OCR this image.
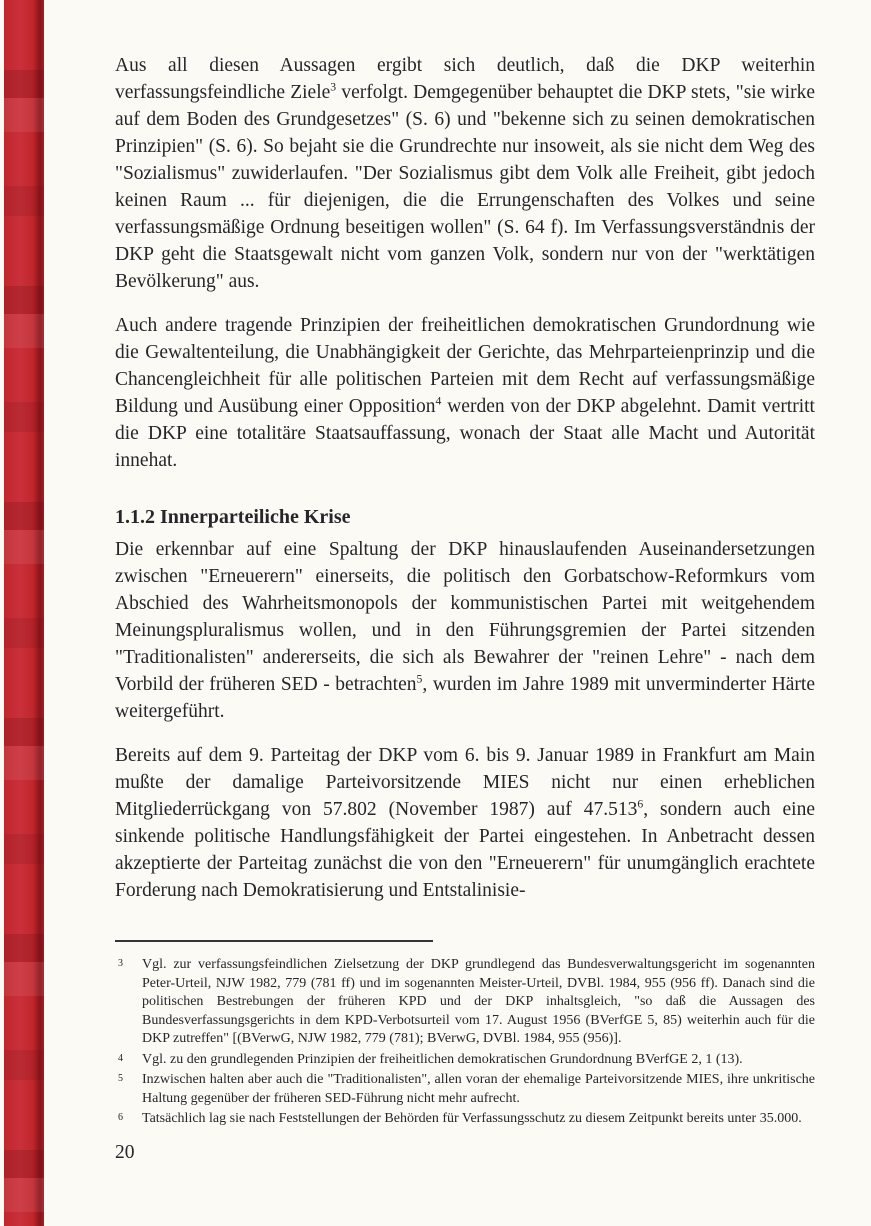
Aus all diesen Aussagen ergibt sich deutlich, daß die DKP weiterhin verfassungsfeindliche Ziele$^3$ verfolgt. Demgegenüber behauptet die DKP stets, "sie wirke auf dem Boden des Grundgesetzes" (S. 6) und "bekenne sich zu seinen demokratischen Prinzipien" (S. 6). So bejaht sie die Grundrechte nur insoweit, als sie nicht dem Weg des "Sozialismus" zuwiderlaufen. "Der Sozialismus gibt dem Volk alle Freiheit, gibt jedoch keinen Raum ... für diejenigen, die die Errungenschaften des Volkes und seine verfassungsmäßige Ordnung beseitigen wollen" (S. 64 f). Im Verfassungsverständnis der DKP geht die Staatsgewalt nicht vom ganzen Volk, sondern nur von der "werktätigen Bevölkerung" aus.

Auch andere tragende Prinzipien der freiheitlichen demokratischen Grundordnung wie die Gewaltenteilung, die Unabhängigkeit der Gerichte, das Mehrparteienprinzip und die Chancengleichheit für alle politischen Parteien mit dem Recht auf verfassungsmäßige Bildung und Ausübung einer Opposition$^4$ werden von der DKP abgelehnt. Damit vertritt die DKP eine totalitäre Staatsauffassung, wonach der Staat alle Macht und Autorität innehat.

1.1.2 Innerparteiliche Krise

Die erkennbar auf eine Spaltung der DKP hinauslaufenden Auseinandersetzungen zwischen "Erneuerern" einerseits, die politisch den Gorbatschow-Reformkurs vom Abschied des Wahrheitsmonopols der kommunistischen Partei mit weitgehendem Meinungspluralismus wollen, und in den Führungsgremien der Partei sitzenden "Traditionalisten" andererseits, die sich als Bewahrer der "reinen Lehre" - nach dem Vorbild der früheren SED - betrachten$^5$, wurden im Jahre 1989 mit unverminderter Härte weitergeführt.

Bereits auf dem 9. Parteitag der DKP vom 6. bis 9. Januar 1989 in Frankfurt am Main mußte der damalige Parteivorsitzende MIES nicht nur einen erheblichen Mitgliederrückgang von 57.802 (November 1987) auf 47.513$^6$, sondern auch eine sinkende politische Handlungsfähigkeit der Partei eingestehen. In Anbetracht dessen akzeptierte der Parteitag zunächst die von den "Erneuerern" für unumgänglich erachtete Forderung nach Demokratisierung und Entstalinisie-

3 Vgl. zur verfassungsfeindlichen Zielsetzung der DKP grundlegend das Bundesverwaltungsgericht im sogenannten Peter-Urteil, NJW 1982, 779 (781 ff) und im sogenannten Meister-Urteil, DVBl. 1984, 955 (956 ff). Danach sind die politischen Bestrebungen der früheren KPD und der DKP inhaltsgleich, "so daß die Aussagen des Bundesverfassungsgerichts in dem KPD-Verbotsurteil vom 17. August 1956 (BVerfGE 5, 85) weiterhin auch für die DKP zutreffen" [(BVerwG, NJW 1982, 779 (781); BVerwG, DVBl. 1984, 955 (956)].
4 Vgl. zu den grundlegenden Prinzipien der freiheitlichen demokratischen Grundordnung BVerfGE 2, 1 (13).
5 Inzwischen halten aber auch die "Traditionalisten", allen voran der ehemalige Parteivorsitzende MIES, ihre unkritische Haltung gegenüber der früheren SED-Führung nicht mehr aufrecht.
6 Tatsächlich lag sie nach Feststellungen der Behörden für Verfassungsschutz zu diesem Zeitpunkt bereits unter 35.000.
20
